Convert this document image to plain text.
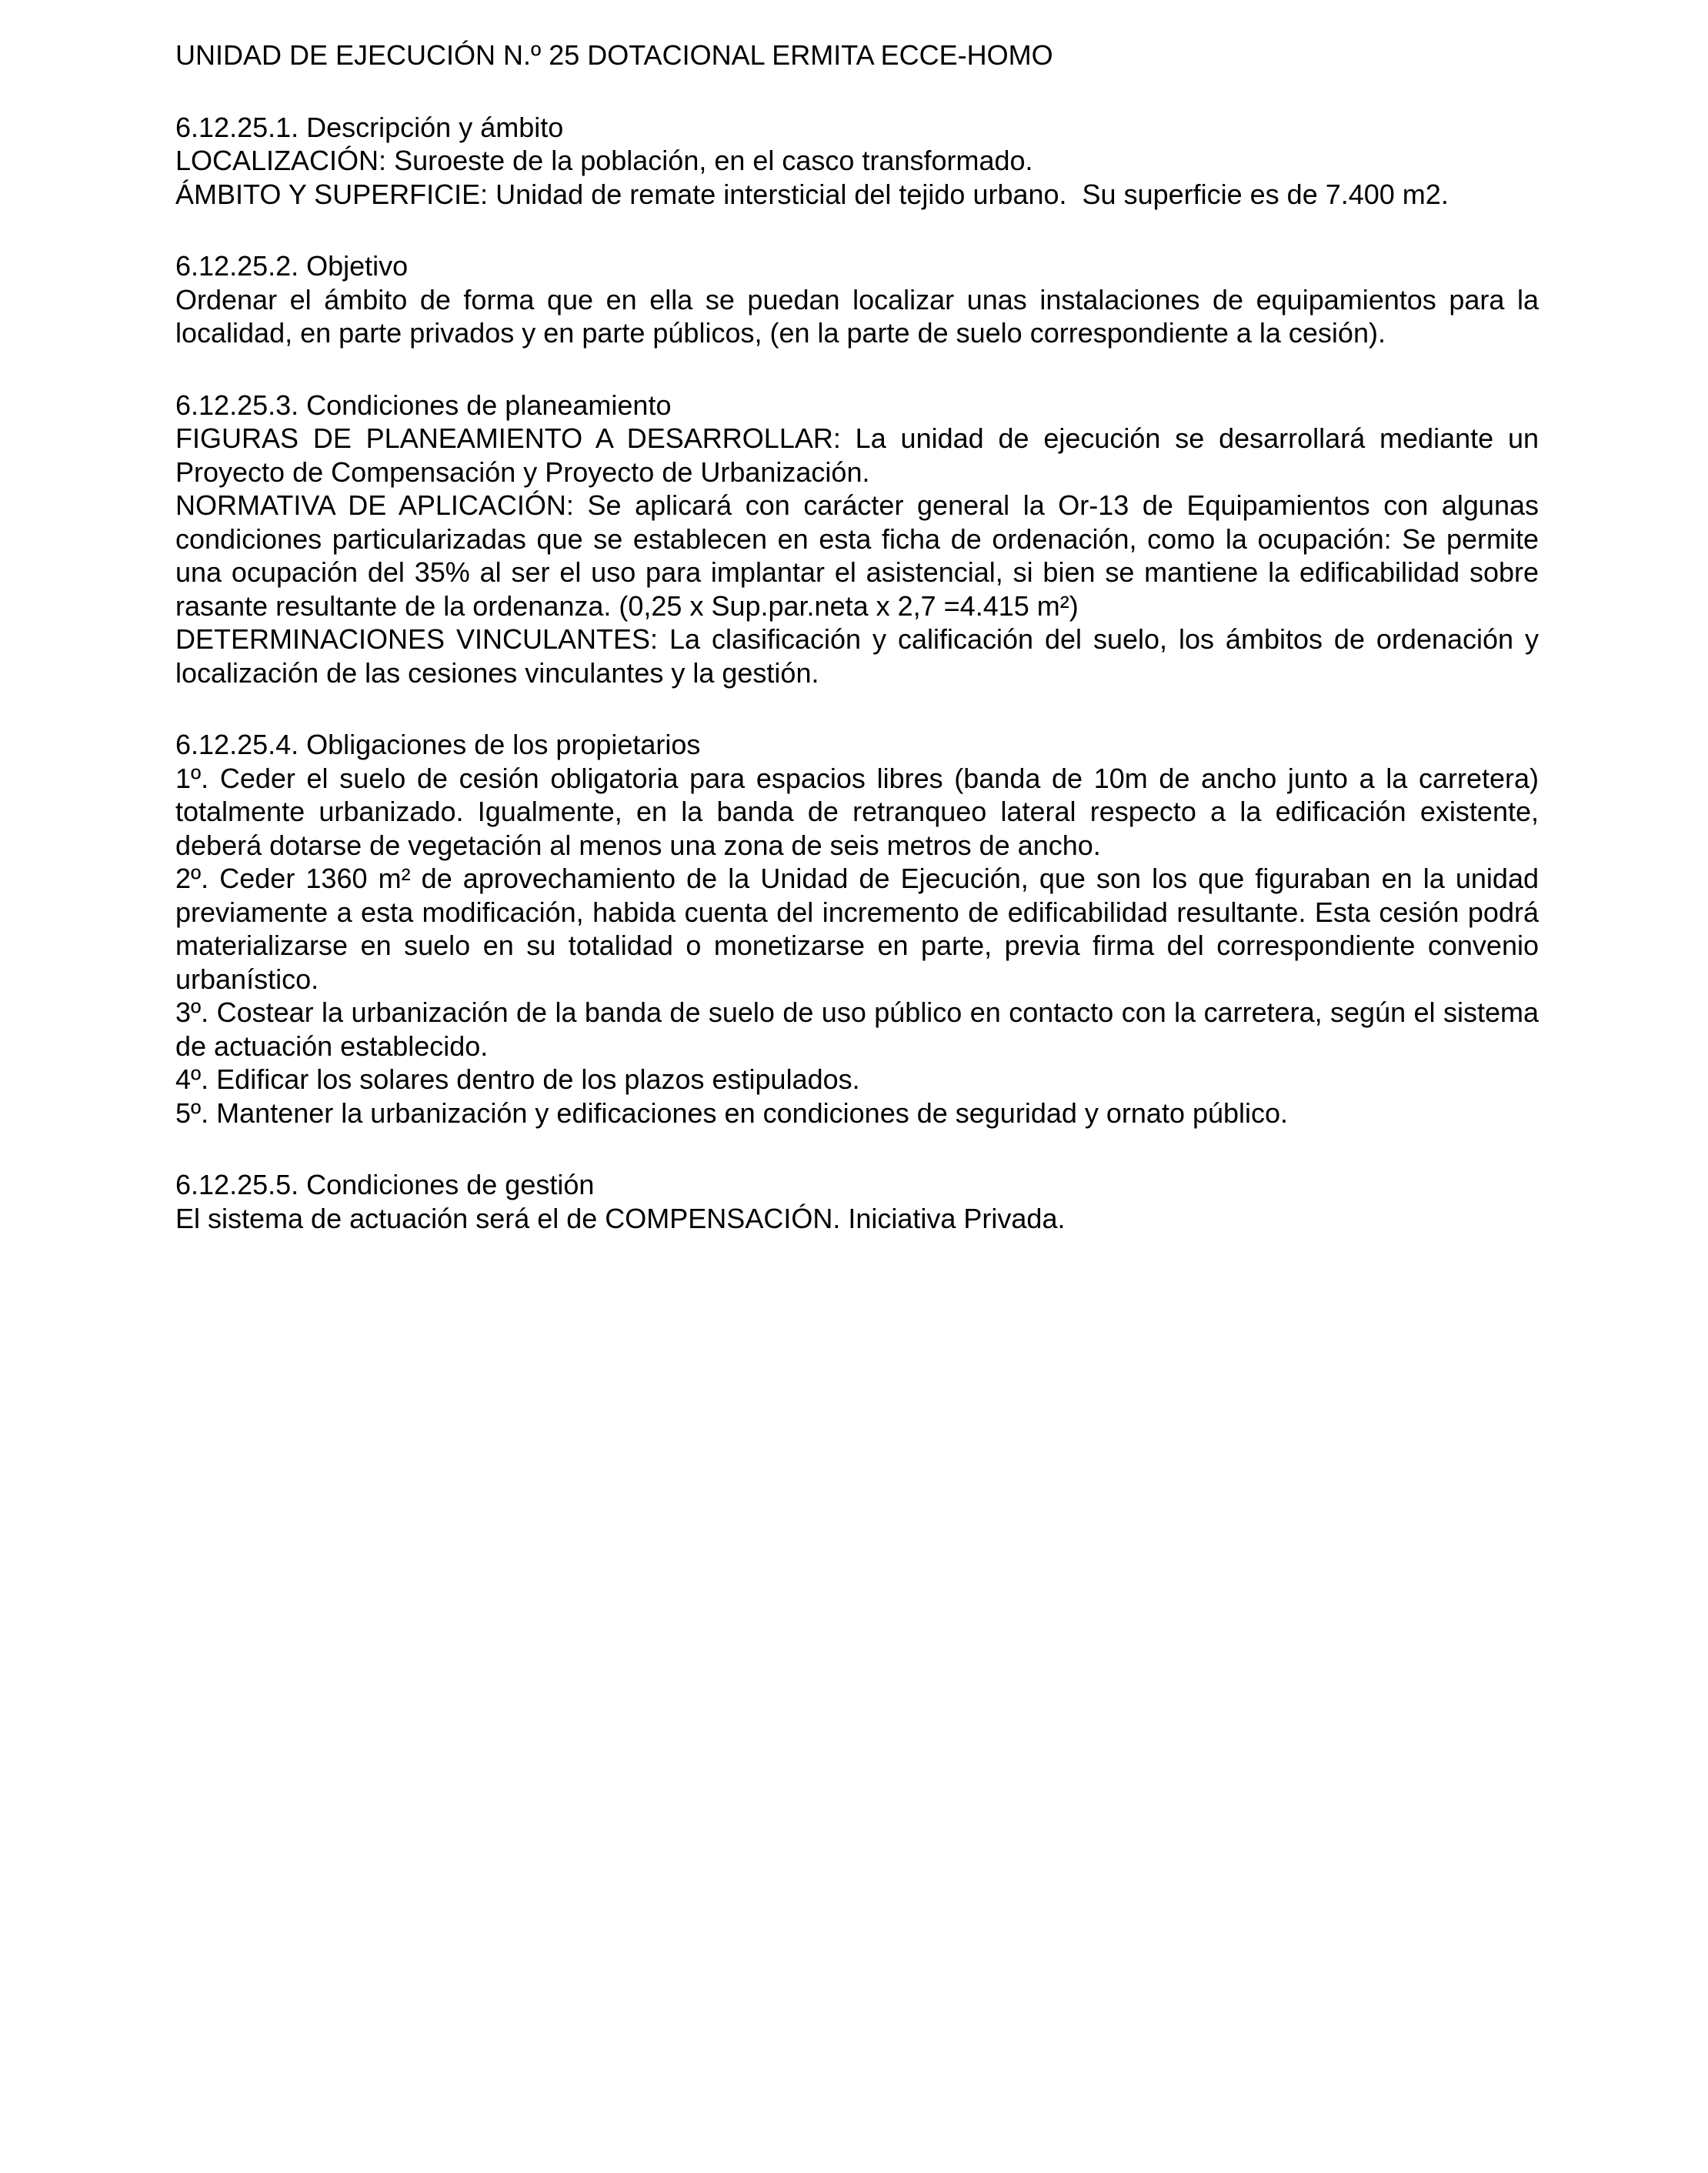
UNIDAD DE EJECUCIÓN N.º 25 DOTACIONAL ERMITA ECCE-HOMO

6.12.25.1. Descripción y ámbito

LOCALIZACIÓN: Suroeste de la población, en el casco transformado.

ÁMBITO Y SUPERFICIE: Unidad de remate intersticial del tejido urbano.  Su superficie es de 7.400 m2.

6.12.25.2. Objetivo

Ordenar el ámbito de forma que en ella se puedan localizar unas instalaciones de equipamientos para la localidad, en parte privados y en parte públicos, (en la parte de suelo correspondiente a la cesión).

6.12.25.3. Condiciones de planeamiento

FIGURAS DE PLANEAMIENTO A DESARROLLAR: La unidad de ejecución se desarrollará mediante un Proyecto de Compensación y Proyecto de Urbanización.

NORMATIVA DE APLICACIÓN: Se aplicará con carácter general la Or-13 de Equipamientos con algunas condiciones particularizadas que se establecen en esta ficha de ordenación, como la ocupación: Se permite una ocupación del 35% al ser el uso para implantar el asistencial, si bien se mantiene la edificabilidad sobre rasante resultante de la ordenanza. (0,25 x Sup.par.neta x 2,7 =4.415 m²)

DETERMINACIONES VINCULANTES: La clasificación y calificación del suelo, los ámbitos de ordenación y localización de las cesiones vinculantes y la gestión.

6.12.25.4. Obligaciones de los propietarios

1º. Ceder el suelo de cesión obligatoria para espacios libres (banda de 10m de ancho junto a la carretera) totalmente urbanizado. Igualmente, en la banda de retranqueo lateral respecto a la edificación existente, deberá dotarse de vegetación al menos una zona de seis metros de ancho.

2º. Ceder 1360 m² de aprovechamiento de la Unidad de Ejecución, que son los que figuraban en la unidad previamente a esta modificación, habida cuenta del incremento de edificabilidad resultante. Esta cesión podrá materializarse en suelo en su totalidad o monetizarse en parte, previa firma del correspondiente convenio urbanístico.

3º. Costear la urbanización de la banda de suelo de uso público en contacto con la carretera, según el sistema de actuación establecido.

4º. Edificar los solares dentro de los plazos estipulados.

5º. Mantener la urbanización y edificaciones en condiciones de seguridad y ornato público.

6.12.25.5. Condiciones de gestión

El sistema de actuación será el de COMPENSACIÓN. Iniciativa Privada.
